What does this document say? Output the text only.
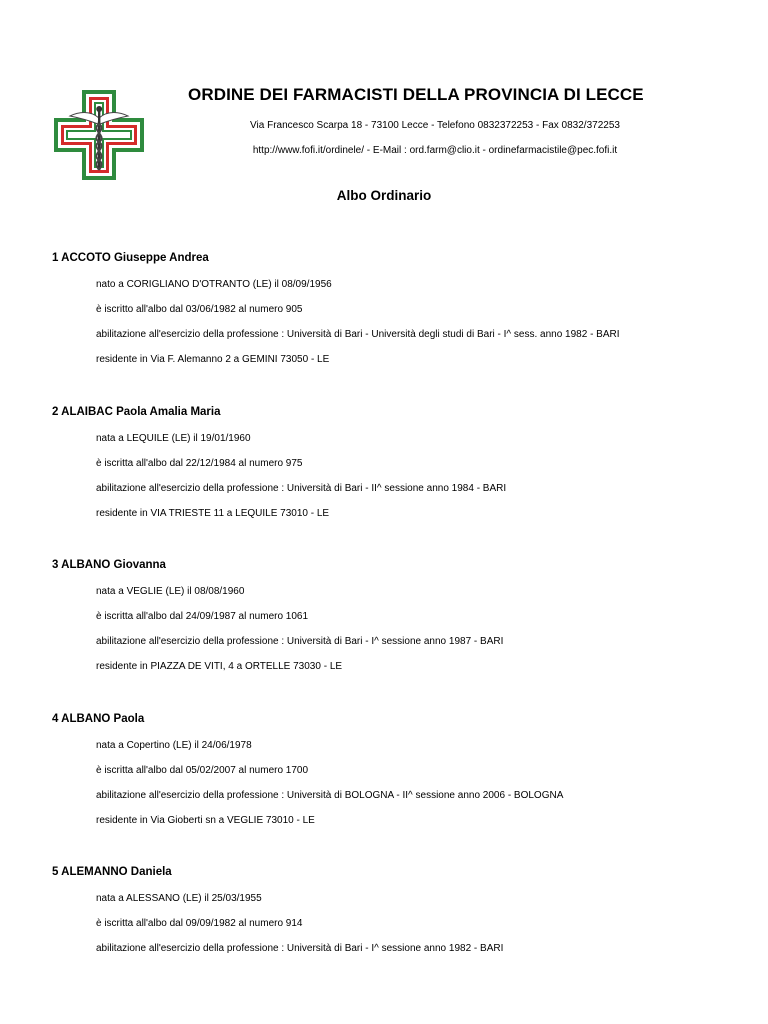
ORDINE DEI FARMACISTI DELLA PROVINCIA DI LECCE
Via Francesco Scarpa 18 - 73100 Lecce - Telefono 0832372253 - Fax 0832/372253
http://www.fofi.it/ordinele/ - E-Mail : ord.farm@clio.it - ordinefarmacistile@pec.fofi.it
Albo Ordinario
1 ACCOTO Giuseppe Andrea
nato a CORIGLIANO D'OTRANTO (LE) il 08/09/1956
è iscritto all'albo dal 03/06/1982 al numero 905
abilitazione all'esercizio della professione : Università di Bari - Università degli studi di Bari - I^ sess. anno 1982 - BARI
residente in Via F. Alemanno 2 a GEMINI 73050 - LE
2 ALAIBAC Paola Amalia Maria
nata a LEQUILE (LE) il 19/01/1960
è iscritta all'albo dal 22/12/1984 al numero 975
abilitazione all'esercizio della professione : Università di Bari - II^ sessione anno 1984 - BARI
residente in VIA TRIESTE 11 a LEQUILE 73010 - LE
3 ALBANO Giovanna
nata a VEGLIE (LE) il 08/08/1960
è iscritta all'albo dal 24/09/1987 al numero 1061
abilitazione all'esercizio della professione : Università di Bari - I^ sessione anno 1987 - BARI
residente in PIAZZA DE VITI, 4 a ORTELLE 73030 - LE
4 ALBANO Paola
nata a Copertino (LE) il 24/06/1978
è iscritta all'albo dal 05/02/2007 al numero 1700
abilitazione all'esercizio della professione : Università di BOLOGNA - II^ sessione anno 2006 - BOLOGNA
residente in Via Gioberti sn a VEGLIE 73010 - LE
5 ALEMANNO Daniela
nata a ALESSANO (LE) il 25/03/1955
è iscritta all'albo dal 09/09/1982 al numero 914
abilitazione all'esercizio della professione : Università di Bari - I^ sessione anno 1982 - BARI
